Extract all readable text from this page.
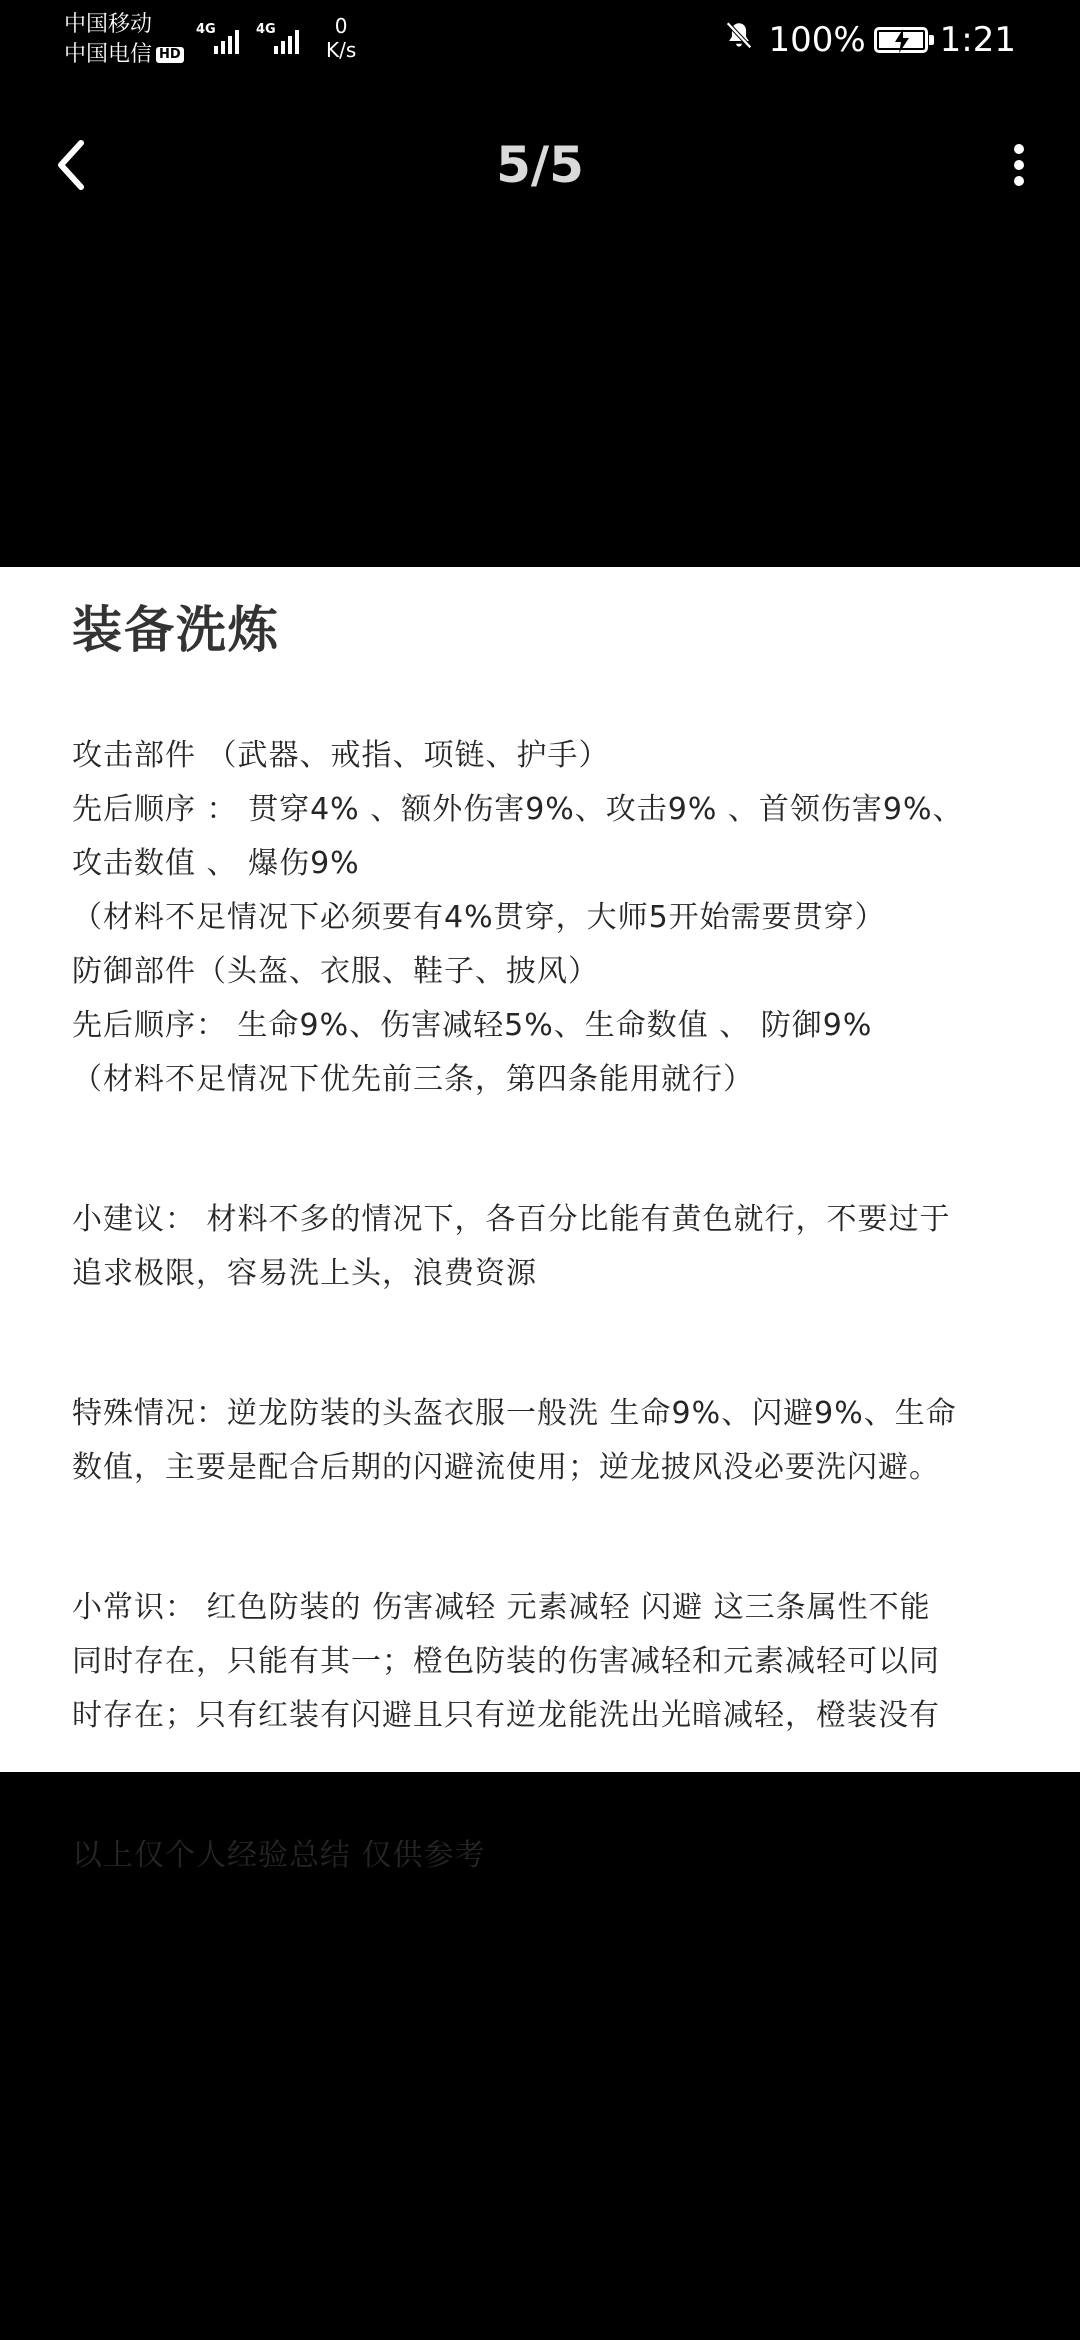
中国移动
中国电信 HD
4G	4G	0
K/s	100% 1:21
5/5
装备洗炼

攻击部件 （武器、戒指、项链、护手）

先后顺序 ： 贯穿4% 、额外伤害9%、攻击9% 、首领伤害9%、

攻击数值 、 爆伤9%

（材料不足情况下必须要有4%贯穿，大师5开始需要贯穿）

防御部件（头盔、衣服、鞋子、披风）

先后顺序： 生命9%、伤害减轻5%、生命数值 、 防御9%

（材料不足情况下优先前三条，第四条能用就行）

小建议： 材料不多的情况下，各百分比能有黄色就行，不要过于

追求极限，容易洗上头，浪费资源

特殊情况：逆龙防装的头盔衣服一般洗 生命9%、闪避9%、生命

数值，主要是配合后期的闪避流使用；逆龙披风没必要洗闪避。

小常识： 红色防装的 伤害减轻 元素减轻 闪避 这三条属性不能

同时存在，只能有其一；橙色防装的伤害减轻和元素减轻可以同

时存在；只有红装有闪避且只有逆龙能洗出光暗减轻，橙装没有

以上仅个人经验总结 仅供参考
